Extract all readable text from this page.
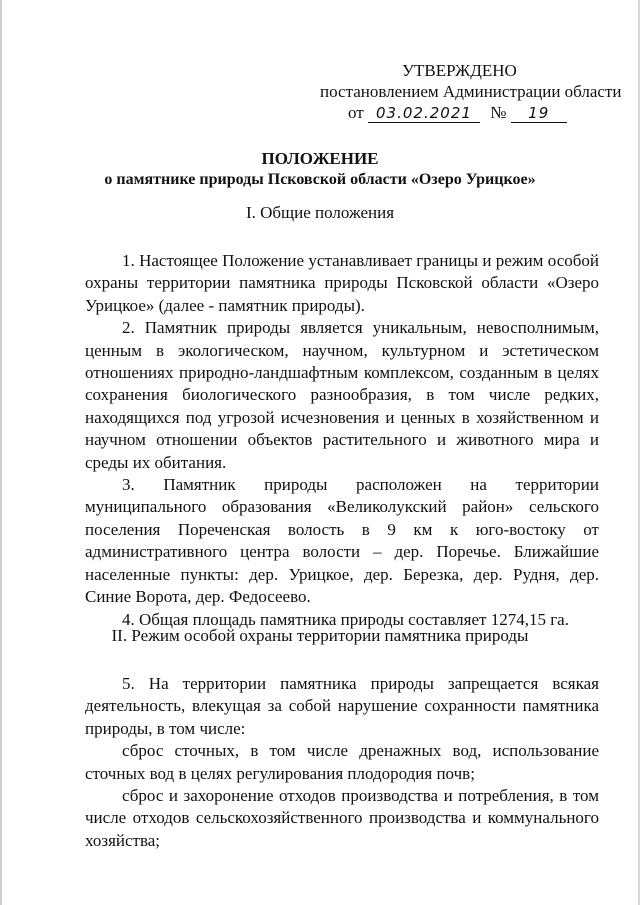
УТВЕРЖДЕНО
постановлением Администрации области
от 03.02.2021 № 19
ПОЛОЖЕНИЕ
о памятнике природы Псковской области «Озеро Урицкое»
I. Общие положения

1. Настоящее Положение устанавливает границы и режим особой охраны территории памятника природы Псковской области «Озеро Урицкое» (далее - памятник природы).

2. Памятник природы является уникальным, невосполнимым, ценным в экологическом, научном, культурном и эстетическом отношениях природно-ландшафтным комплексом, созданным в целях сохранения биологического разнообразия, в том числе редких, находящихся под угрозой исчезновения и ценных в хозяйственном и научном отношении объектов растительного и животного мира и среды их обитания.

3. Памятник природы расположен на территории муниципального образования «Великолукский район» сельского поселения Пореченская волость в 9 км к юго-востоку от административного центра волости – дер. Поречье. Ближайшие населенные пункты: дер. Урицкое, дер. Березка, дер. Рудня, дер. Синие Ворота, дер. Федосеево.

4. Общая площадь памятника природы составляет 1274,15 га.

II. Режим особой охраны территории памятника природы

5. На территории памятника природы запрещается всякая деятельность, влекущая за собой нарушение сохранности памятника природы, в том числе:

сброс сточных, в том числе дренажных вод, использование сточных вод в целях регулирования плодородия почв;

сброс и захоронение отходов производства и потребления, в том числе отходов сельскохозяйственного производства и коммунального хозяйства;
